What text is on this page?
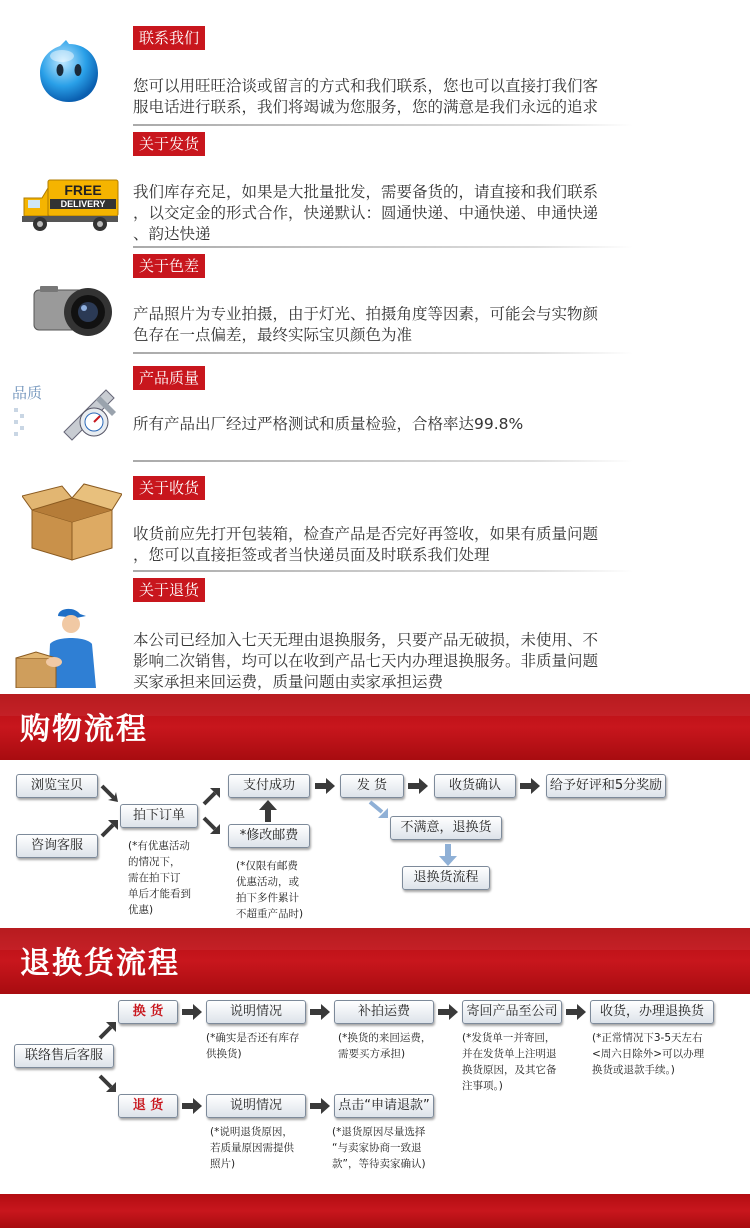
联系我们
您可以用旺旺洽谈或留言的方式和我们联系，您也可以直接打我们客
服电话进行联系，我们将竭诚为您服务，您的满意是我们永远的追求
FREE
DELIVERY
关于发货
我们库存充足，如果是大批量批发，需要备货的，请直接和我们联系
，以交定金的形式合作，快递默认：圆通快递、中通快递、申通快递
、韵达快递
关于色差
产品照片为专业拍摄，由于灯光、拍摄角度等因素，可能会与实物颜
色存在一点偏差，最终实际宝贝颜色为准
品质
产品质量
所有产品出厂经过严格测试和质量检验，合格率达99.8%
关于收货
收货前应先打开包装箱，检查产品是否完好再签收，如果有质量问题
，您可以直接拒签或者当快递员面及时联系我们处理
关于退货
本公司已经加入七天无理由退换服务，只要产品无破损，未使用、不
影响二次销售，均可以在收到产品七天内办理退换服务。非质量问题
买家承担来回运费，质量问题由卖家承担运费
购物流程
浏览宝贝
咨询客服
拍下订单
(*有优惠活动
的情况下，
需在拍下订
单后才能看到
优惠)
支付成功
*修改邮费
(*仅限有邮费
优惠活动，或
拍下多件累计
不超重产品时)
发 货	收货确认	给予好评和5分奖励
不满意，退换货
退换货流程
退换货流程
联络售后客服
换 货	说明情况
(*确实是否还有库存
供换货)
补拍运费
(*换货的来回运费，
需要买方承担)
寄回产品至公司
(*发货单一并寄回，
并在发货单上注明退
换货原因，及其它备
注事项。)
收货，办理退换货
(*正常情况下3-5天左右
<周六日除外>可以办理
换货或退款手续。)
退 货	说明情况
(*说明退货原因，
若质量原因需提供
照片)
点击“申请退款”
(*退货原因尽量选择
“与卖家协商一致退
款”，等待卖家确认)
